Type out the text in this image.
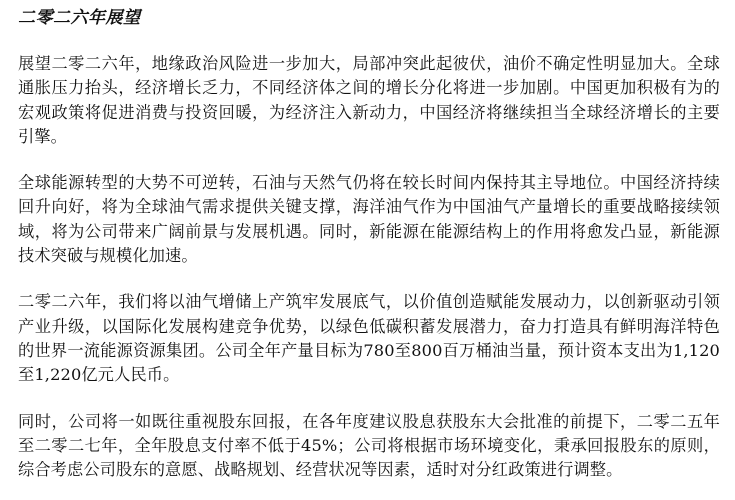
二零二六年展望

展望二零二六年，地缘政治风险进一步加大，局部冲突此起彼伏，油价不确定性明显加大。全球通胀压力抬头，经济增长乏力，不同经济体之间的增长分化将进一步加剧。中国更加积极有为的宏观政策将促进消费与投资回暖，为经济注入新动力，中国经济将继续担当全球经济增长的主要引擎。

全球能源转型的大势不可逆转，石油与天然气仍将在较长时间内保持其主导地位。中国经济持续回升向好，将为全球油气需求提供关键支撑，海洋油气作为中国油气产量增长的重要战略接续领域，将为公司带来广阔前景与发展机遇。同时，新能源在能源结构上的作用将愈发凸显，新能源技术突破与规模化加速。

二零二六年，我们将以油气增储上产筑牢发展底气，以价值创造赋能发展动力，以创新驱动引领产业升级，以国际化发展构建竞争优势，以绿色低碳积蓄发展潜力，奋力打造具有鲜明海洋特色的世界一流能源资源集团。公司全年产量目标为780至800百万桶油当量，预计资本支出为1,120至1,220亿元人民币。

同时，公司将一如既往重视股东回报，在各年度建议股息获股东大会批准的前提下，二零二五年至二零二七年，全年股息支付率不低于45%；公司将根据市场环境变化，秉承回报股东的原则，综合考虑公司股东的意愿、战略规划、经营状况等因素，适时对分红政策进行调整。
